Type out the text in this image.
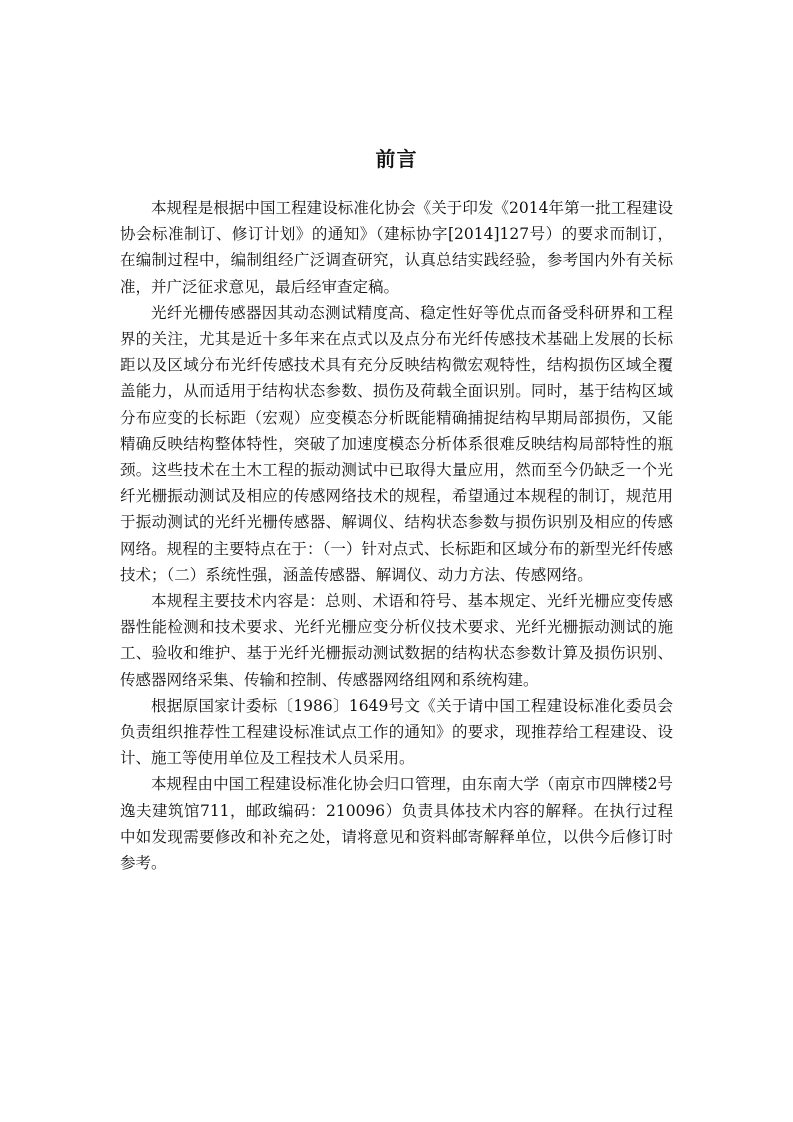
前言

本规程是根据中国工程建设标准化协会《关于印发《2014年第一批工程建设协会标准制订、修订计划》的通知》（建标协字[2014]127号）的要求而制订，在编制过程中，编制组经广泛调查研究，认真总结实践经验，参考国内外有关标准，并广泛征求意见，最后经审查定稿。

光纤光栅传感器因其动态测试精度高、稳定性好等优点而备受科研界和工程界的关注，尤其是近十多年来在点式以及点分布光纤传感技术基础上发展的长标距以及区域分布光纤传感技术具有充分反映结构微宏观特性，结构损伤区域全覆盖能力，从而适用于结构状态参数、损伤及荷载全面识别。同时，基于结构区域分布应变的长标距（宏观）应变模态分析既能精确捕捉结构早期局部损伤，又能精确反映结构整体特性，突破了加速度模态分析体系很难反映结构局部特性的瓶颈。这些技术在土木工程的振动测试中已取得大量应用，然而至今仍缺乏一个光纤光栅振动测试及相应的传感网络技术的规程，希望通过本规程的制订，规范用于振动测试的光纤光栅传感器、解调仪、结构状态参数与损伤识别及相应的传感网络。规程的主要特点在于：（一）针对点式、长标距和区域分布的新型光纤传感技术；（二）系统性强，涵盖传感器、解调仪、动力方法、传感网络。

本规程主要技术内容是：总则、术语和符号、基本规定、光纤光栅应变传感器性能检测和技术要求、光纤光栅应变分析仪技术要求、光纤光栅振动测试的施工、验收和维护、基于光纤光栅振动测试数据的结构状态参数计算及损伤识别、传感器网络采集、传输和控制、传感器网络组网和系统构建。

根据原国家计委标〔1986〕1649号文《关于请中国工程建设标准化委员会负责组织推荐性工程建设标准试点工作的通知》的要求，现推荐给工程建设、设计、施工等使用单位及工程技术人员采用。

本规程由中国工程建设标准化协会归口管理，由东南大学（南京市四牌楼2号逸夫建筑馆711，邮政编码：210096）负责具体技术内容的解释。在执行过程中如发现需要修改和补充之处，请将意见和资料邮寄解释单位，以供今后修订时参考。
